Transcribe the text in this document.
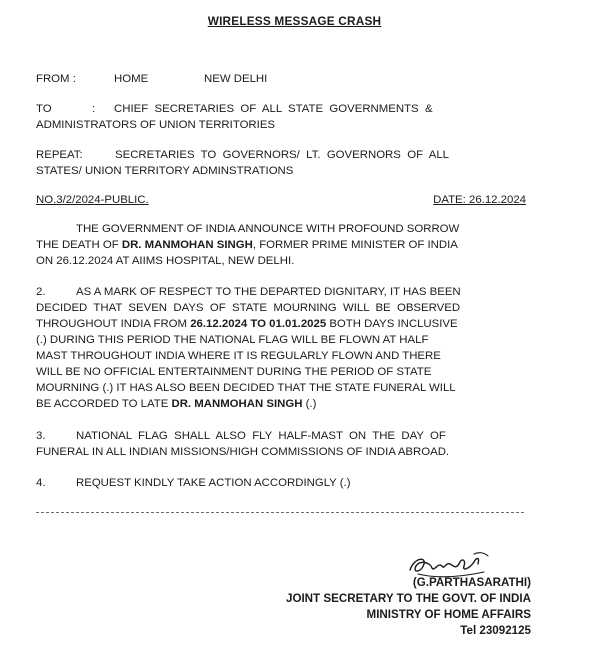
WIRELESS MESSAGE CRASH
FROM :	HOME	NEW DELHI
TO	: CHIEF  SECRETARIES  OF  ALL  STATE  GOVERNMENTS  &
ADMINISTRATORS OF UNION TERRITORIES
REPEAT:	SECRETARIES  TO  GOVERNORS/  LT.  GOVERNORS  OF  ALL
STATES/ UNION TERRITORY ADMINSTRATIONS
NO.3/2/2024-PUBLIC.	DATE: 26.12.2024
THE GOVERNMENT OF INDIA ANNOUNCE WITH PROFOUND SORROW
THE DEATH OF DR. MANMOHAN SINGH, FORMER PRIME MINISTER OF INDIA
ON 26.12.2024 AT AIIMS HOSPITAL, NEW DELHI.
2.	AS A MARK OF RESPECT TO THE DEPARTED DIGNITARY, IT HAS BEEN
DECIDED  THAT  SEVEN  DAYS  OF  STATE  MOURNING  WILL  BE  OBSERVED
THROUGHOUT INDIA FROM 26.12.2024 TO 01.01.2025 BOTH DAYS INCLUSIVE
(.) DURING THIS PERIOD THE NATIONAL FLAG WILL BE FLOWN AT HALF
MAST THROUGHOUT INDIA WHERE IT IS REGULARLY FLOWN AND THERE
WILL BE NO OFFICIAL ENTERTAINMENT DURING THE PERIOD OF STATE
MOURNING (.) IT HAS ALSO BEEN DECIDED THAT THE STATE FUNERAL WILL
BE ACCORDED TO LATE DR. MANMOHAN SINGH (.)
3.	NATIONAL  FLAG  SHALL  ALSO  FLY  HALF-MAST  ON  THE  DAY  OF
FUNERAL IN ALL INDIAN MISSIONS/HIGH COMMISSIONS OF INDIA ABROAD.
4.	REQUEST KINDLY TAKE ACTION ACCORDINGLY (.)
(G.PARTHASARATHI)
JOINT SECRETARY TO THE GOVT. OF INDIA
MINISTRY OF HOME AFFAIRS
Tel 23092125
